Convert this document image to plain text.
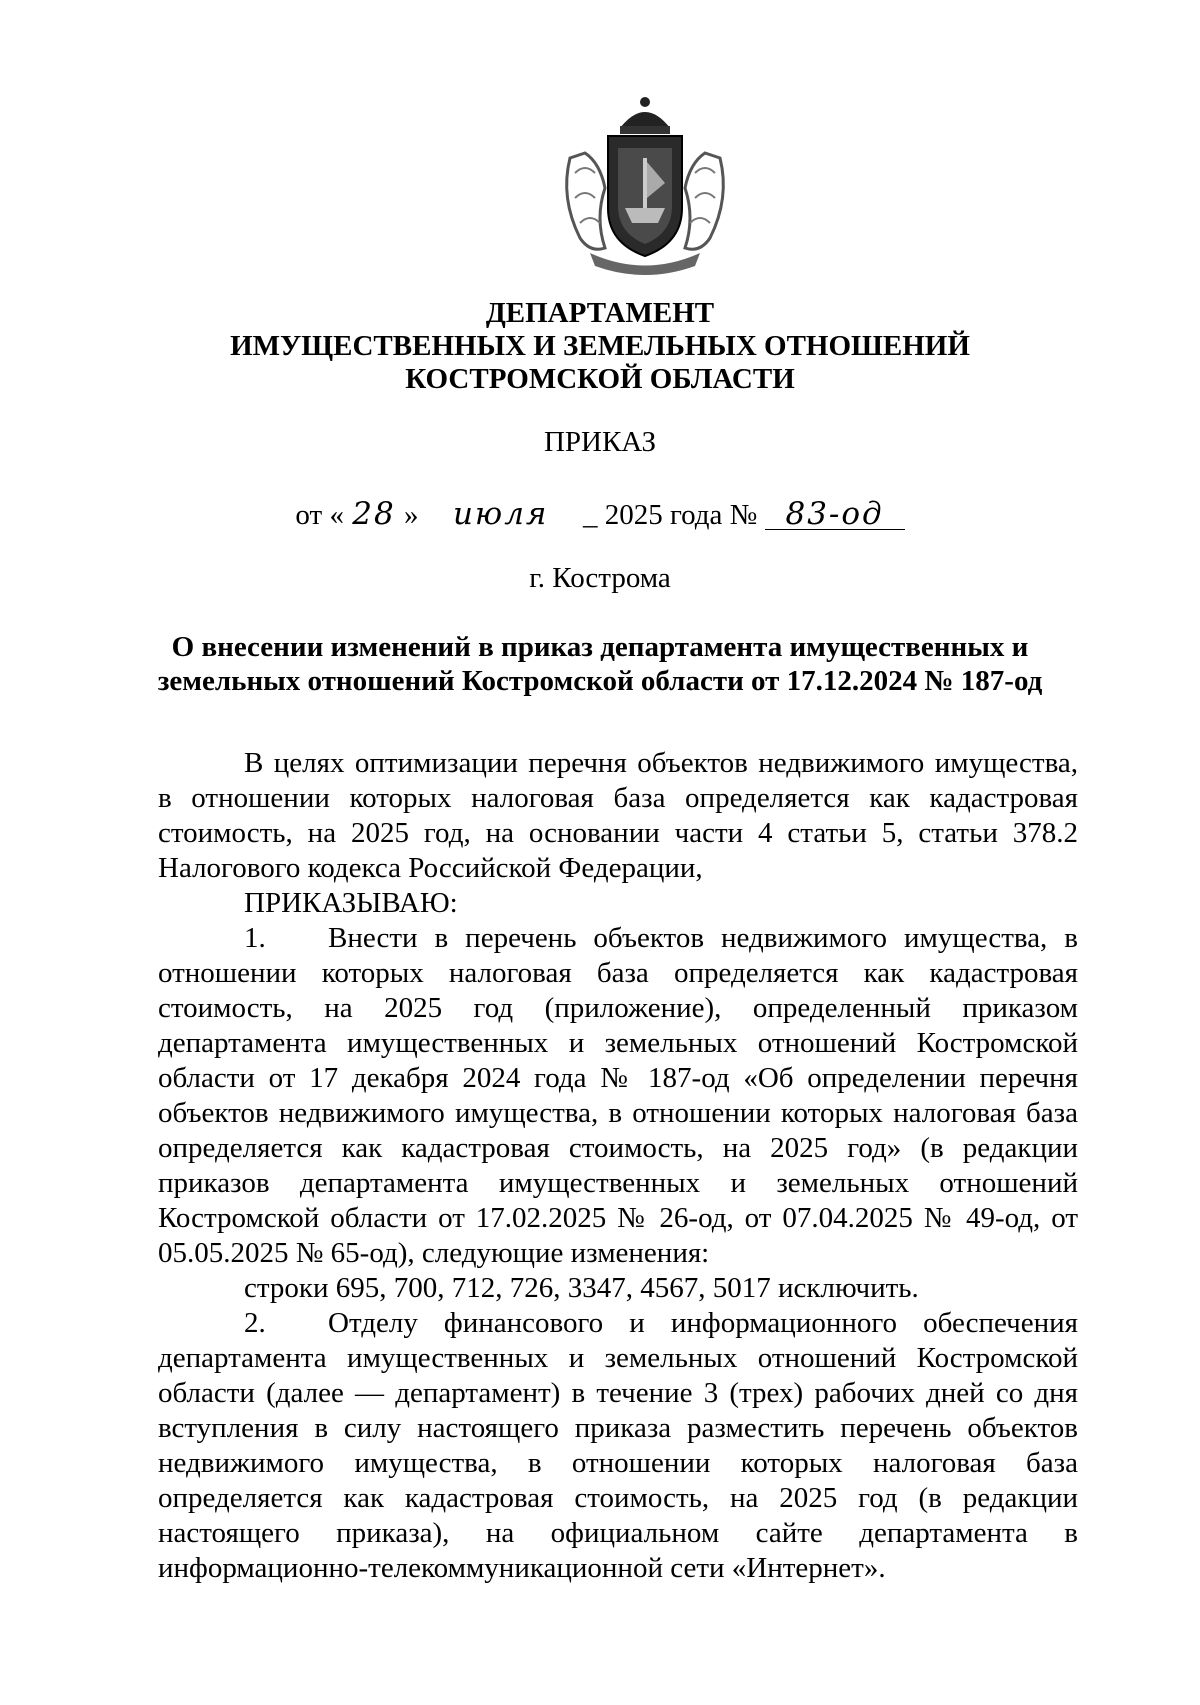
ДЕПАРТАМЕНТ
ИМУЩЕСТВЕННЫХ И ЗЕМЕЛЬНЫХ ОТНОШЕНИЙ
КОСТРОМСКОЙ ОБЛАСТИ
ПРИКАЗ
от « 28 » июля _ 2025 года № 83-од
г. Кострома
О внесении изменений в приказ департамента имущественных и
земельных отношений Костромской области от 17.12.2024 № 187-од

В целях оптимизации перечня объектов недвижимого имущества, в отношении которых налоговая база определяется как кадастровая стоимость, на 2025 год, на основании части 4 статьи 5, статьи 378.2 Налогового кодекса Российской Федерации,

ПРИКАЗЫВАЮ:

1. Внести в перечень объектов недвижимого имущества, в отношении которых налоговая база определяется как кадастровая стоимость, на 2025 год (приложение), определенный приказом департамента имущественных и земельных отношений Костромской области от 17 декабря 2024 года № 187-од «Об определении перечня объектов недвижимого имущества, в отношении которых налоговая база определяется как кадастровая стоимость, на 2025 год» (в редакции приказов департамента имущественных и земельных отношений Костромской области от 17.02.2025 № 26-од, от 07.04.2025 № 49-од, от 05.05.2025 № 65-од), следующие изменения:

строки 695, 700, 712, 726, 3347, 4567, 5017 исключить.

2. Отделу финансового и информационного обеспечения департамента имущественных и земельных отношений Костромской области (далее — департамент) в течение 3 (трех) рабочих дней со дня вступления в силу настоящего приказа разместить перечень объектов недвижимого имущества, в отношении которых налоговая база определяется как кадастровая стоимость, на 2025 год (в редакции настоящего приказа), на официальном сайте департамента в информационно-телекоммуникационной сети «Интернет».
